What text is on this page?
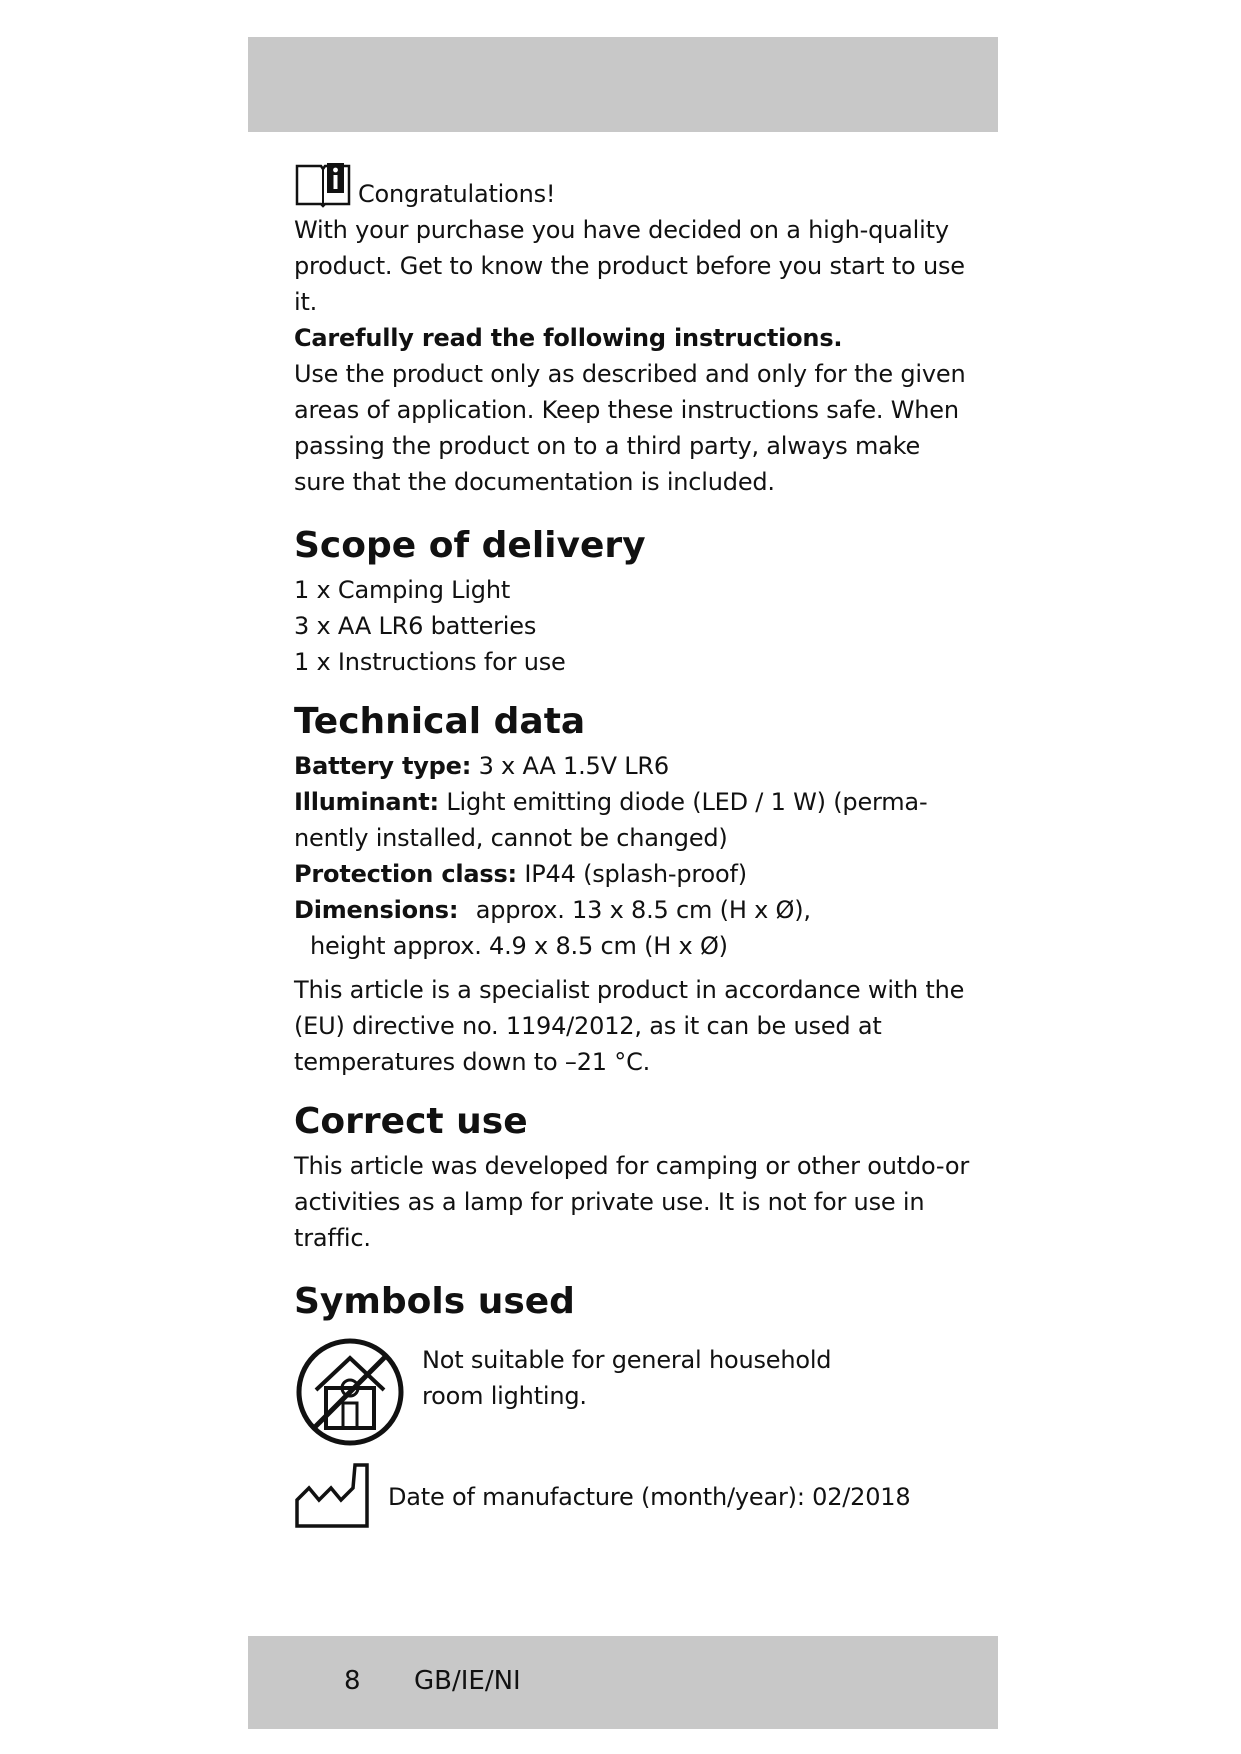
Congratulations!

With your purchase you have decided on a high-quality product. Get to know the product before you start to use it.

Carefully read the following instructions.

Use the product only as described and only for the given areas of application. Keep these instructions safe. When passing the product on to a third party, always make sure that the documentation is included.

Scope of delivery

1 x Camping Light

3 x AA LR6 batteries

1 x Instructions for use

Technical data

Battery type: 3 x AA 1.5V LR6

Illuminant: Light emitting diode (LED / 1 W) (perma-nently installed, cannot be changed)

Protection class: IP44 (splash-proof)

Dimensions: approx. 13 x 8.5 cm (H x Ø),

height approx. 4.9 x 8.5 cm (H x Ø)

This article is a specialist product in accordance with the (EU) directive no. 1194/2012, as it can be used at temperatures down to –21 °C.

Correct use

This article was developed for camping or other outdo-or activities as a lamp for private use. It is not for use in traffic.

Symbols used

Not suitable for general household room lighting.

Date of manufacture (month/year): 02/2018

8 GB/IE/NI
